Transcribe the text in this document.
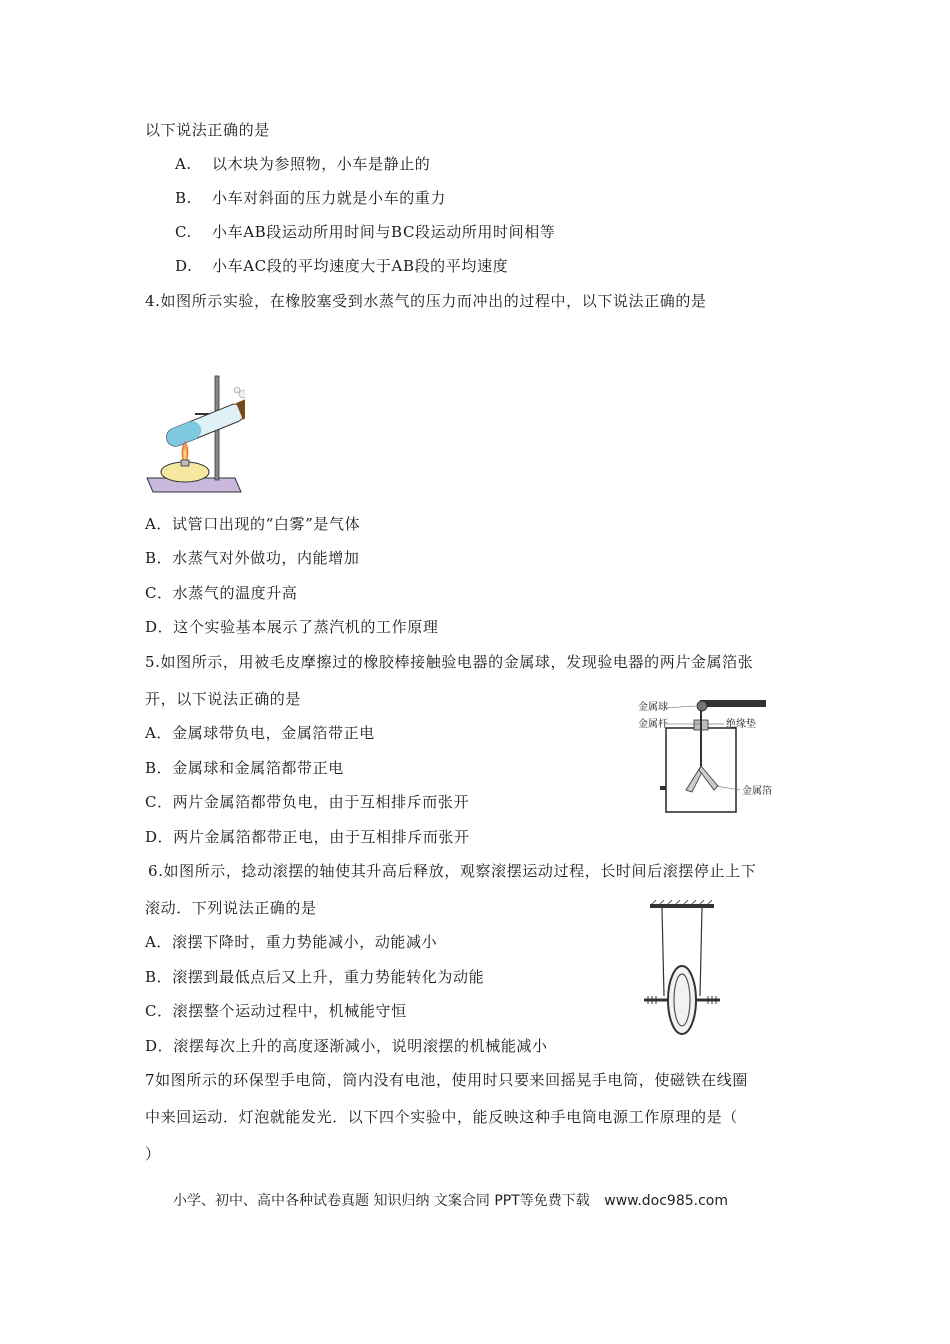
以下说法正确的是
A. 以木块为参照物，小车是静止的
B. 小车对斜面的压力就是小车的重力
C. 小车AB段运动所用时间与BC段运动所用时间相等
D. 小车AC段的平均速度大于AB段的平均速度
4.如图所示实验，在橡胶塞受到水蒸气的压力而冲出的过程中，以下说法正确的是
A．试管口出现的“白雾”是气体
B．水蒸气对外做功，内能增加
C．水蒸气的温度升高
D．这个实验基本展示了蒸汽机的工作原理
5.如图所示，用被毛皮摩擦过的橡胶棒接触验电器的金属球，发现验电器的两片金属箔张
开，以下说法正确的是
A．金属球带负电，金属箔带正电
B．金属球和金属箔都带正电
C．两片金属箔都带负电，由于互相排斥而张开
D．两片金属箔都带正电，由于互相排斥而张开
金属球
金属杆	绝缘垫
金属箔
6.如图所示，捻动滚摆的轴使其升高后释放，观察滚摆运动过程，长时间后滚摆停止上下
滚动．下列说法正确的是
A．滚摆下降时，重力势能减小，动能减小
B．滚摆到最低点后又上升，重力势能转化为动能
C．滚摆整个运动过程中，机械能守恒
D．滚摆每次上升的高度逐渐减小，说明滚摆的机械能减小
7如图所示的环保型手电筒，筒内没有电池，使用时只要来回摇晃手电筒，使磁铁在线圈
中来回运动．灯泡就能发光．以下四个实验中，能反映这种手电筒电源工作原理的是（
）
小学、初中、高中各种试卷真题 知识归纳 文案合同 PPT等免费下载 www.doc985.com
